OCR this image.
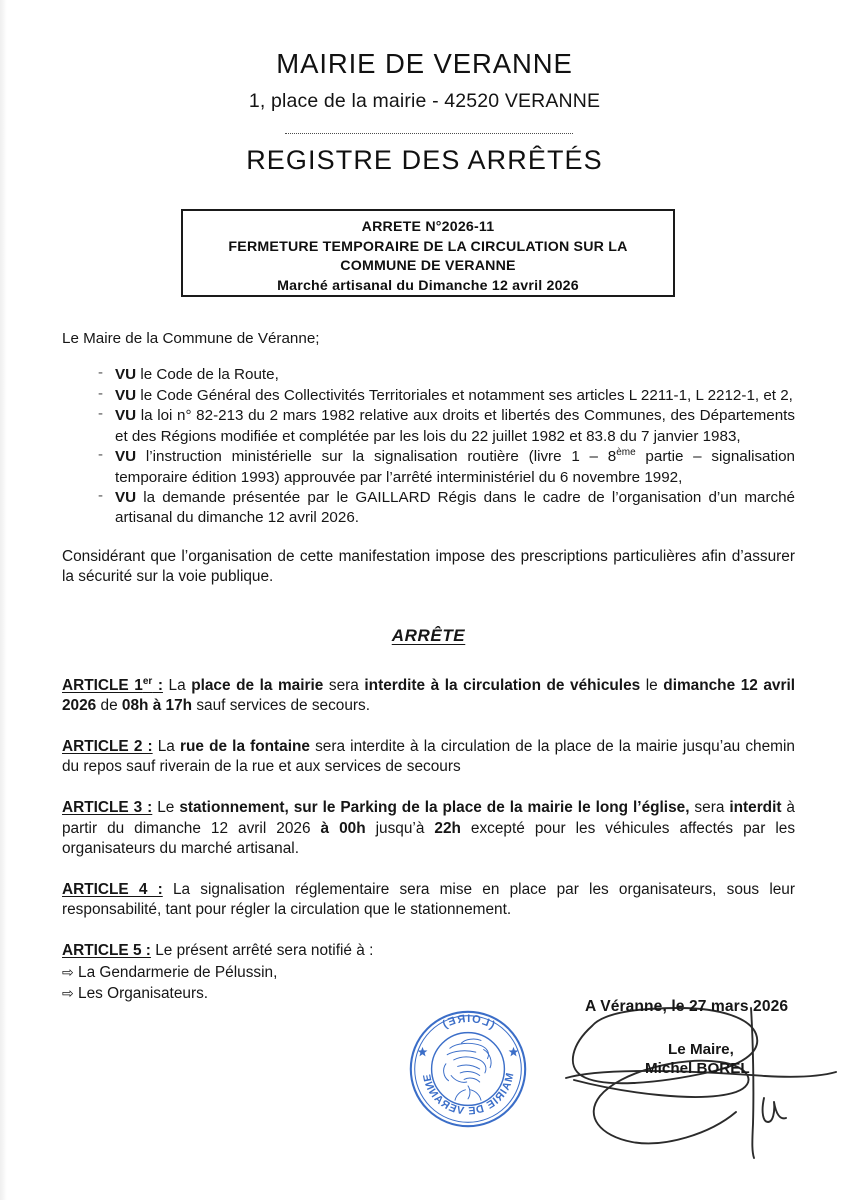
MAIRIE DE VERANNE
1, place de la mairie - 42520 VERANNE
REGISTRE DES ARRÊTÉS
ARRETE N°2026-11
FERMETURE TEMPORAIRE DE LA CIRCULATION SUR LA
COMMUNE DE VERANNE
Marché artisanal du Dimanche 12 avril 2026
Le Maire de la Commune de Véranne;
- VU le Code de la Route,
- VU le Code Général des Collectivités Territoriales et notamment ses articles L 2211-1, L 2212-1, et 2,
- VU la loi n° 82-213 du 2 mars 1982 relative aux droits et libertés des Communes, des Départements et des Régions modifiée et complétée par les lois du 22 juillet 1982 et 83.8 du 7 janvier 1983,
- VU l’instruction ministérielle sur la signalisation routière (livre 1 – 8ème partie – signalisation temporaire édition 1993) approuvée par l’arrêté interministériel du 6 novembre 1992,
- VU la demande présentée par le GAILLARD Régis dans le cadre de l’organisation d’un marché artisanal du dimanche 12 avril 2026.
Considérant que l’organisation de cette manifestation impose des prescriptions particulières afin d’assurer la sécurité sur la voie publique.
ARRÊTE
ARTICLE 1er : La place de la mairie sera interdite à la circulation de véhicules le dimanche 12 avril 2026 de 08h à 17h sauf services de secours.
ARTICLE 2 : La rue de la fontaine sera interdite à la circulation de la place de la mairie jusqu’au chemin du repos sauf riverain de la rue et aux services de secours
ARTICLE 3 : Le stationnement, sur le Parking de la place de la mairie le long l’église, sera interdit à partir du dimanche 12 avril 2026 à 00h jusqu’à 22h excepté pour les véhicules affectés par les organisateurs du marché artisanal.
ARTICLE 4 : La signalisation réglementaire sera mise en place par les organisateurs, sous leur responsabilité, tant pour régler la circulation que le stationnement.
ARTICLE 5 : Le présent arrêté sera notifié à :
⇨ La Gendarmerie de Pélussin,
⇨ Les Organisateurs.
(LOIRE)
MAIRIE DE VERANNE
A Véranne, le 27 mars 2026
Le Maire,
Michel BOREL
